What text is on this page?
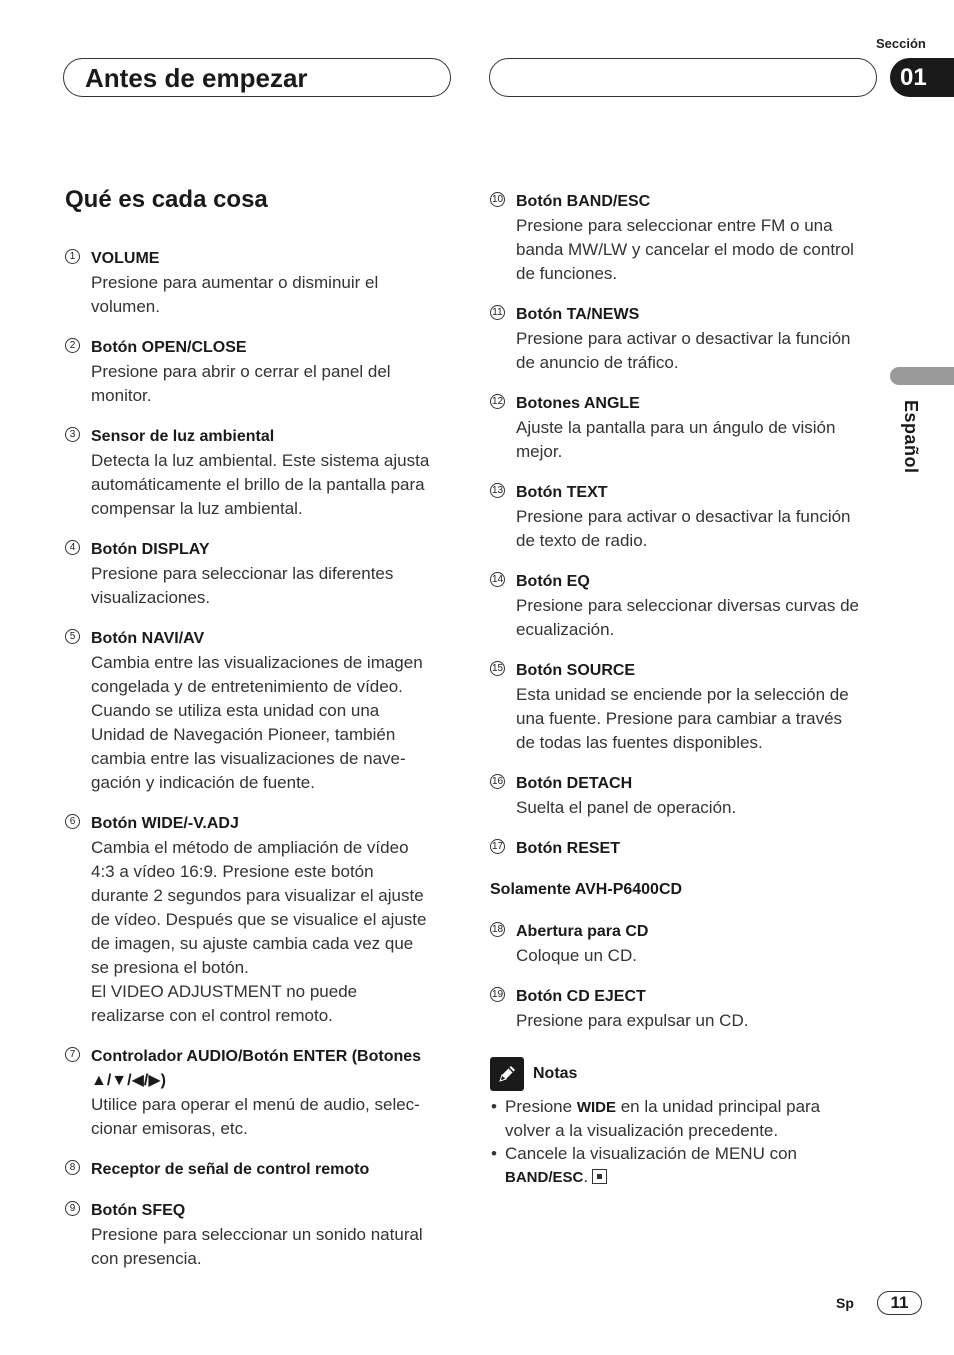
Sección
Antes de empezar	01
Español
Qué es cada cosa
1 VOLUME

Presione para aumentar o disminuir el volumen.

2 Botón OPEN/CLOSE

Presione para abrir o cerrar el panel del monitor.

3 Sensor de luz ambiental

Detecta la luz ambiental. Este sistema ajusta automáticamente el brillo de la pantalla para compensar la luz ambiental.

4 Botón DISPLAY

Presione para seleccionar las diferentes visualizaciones.

5 Botón NAVI/AV

Cambia entre las visualizaciones de imagen congelada y de entretenimiento de vídeo. Cuando se utiliza esta unidad con una Unidad de Navegación Pioneer, también cambia entre las visualizaciones de nave-gación y indicación de fuente.

6 Botón WIDE/-V.ADJ

Cambia el método de ampliación de vídeo 4:3 a vídeo 16:9. Presione este botón durante 2 segundos para visualizar el ajuste de vídeo. Después que se visualice el ajuste de imagen, su ajuste cambia cada vez que se presiona el botón.

El VIDEO ADJUSTMENT no puede realizarse con el control remoto.

7 Controlador AUDIO/Botón ENTER (Botones ▲/▼/◀/▶)

Utilice para operar el menú de audio, selec-cionar emisoras, etc.

8 Receptor de señal de control remoto
9 Botón SFEQ

Presione para seleccionar un sonido natural con presencia.

10 Botón BAND/ESC

Presione para seleccionar entre FM o una banda MW/LW y cancelar el modo de control de funciones.

11 Botón TA/NEWS

Presione para activar o desactivar la función de anuncio de tráfico.

12 Botones ANGLE

Ajuste la pantalla para un ángulo de visión mejor.

13 Botón TEXT

Presione para activar o desactivar la función de texto de radio.

14 Botón EQ

Presione para seleccionar diversas curvas de ecualización.

15 Botón SOURCE

Esta unidad se enciende por la selección de una fuente. Presione para cambiar a través de todas las fuentes disponibles.

16 Botón DETACH

Suelta el panel de operación.

17 Botón RESET
Solamente AVH-P6400CD
18 Abertura para CD

Coloque un CD.

19 Botón CD EJECT

Presione para expulsar un CD.

Notas
• Presione WIDE en la unidad principal para volver a la visualización precedente.
• Cancele la visualización de MENU con BAND/ESC.
Sp	11
